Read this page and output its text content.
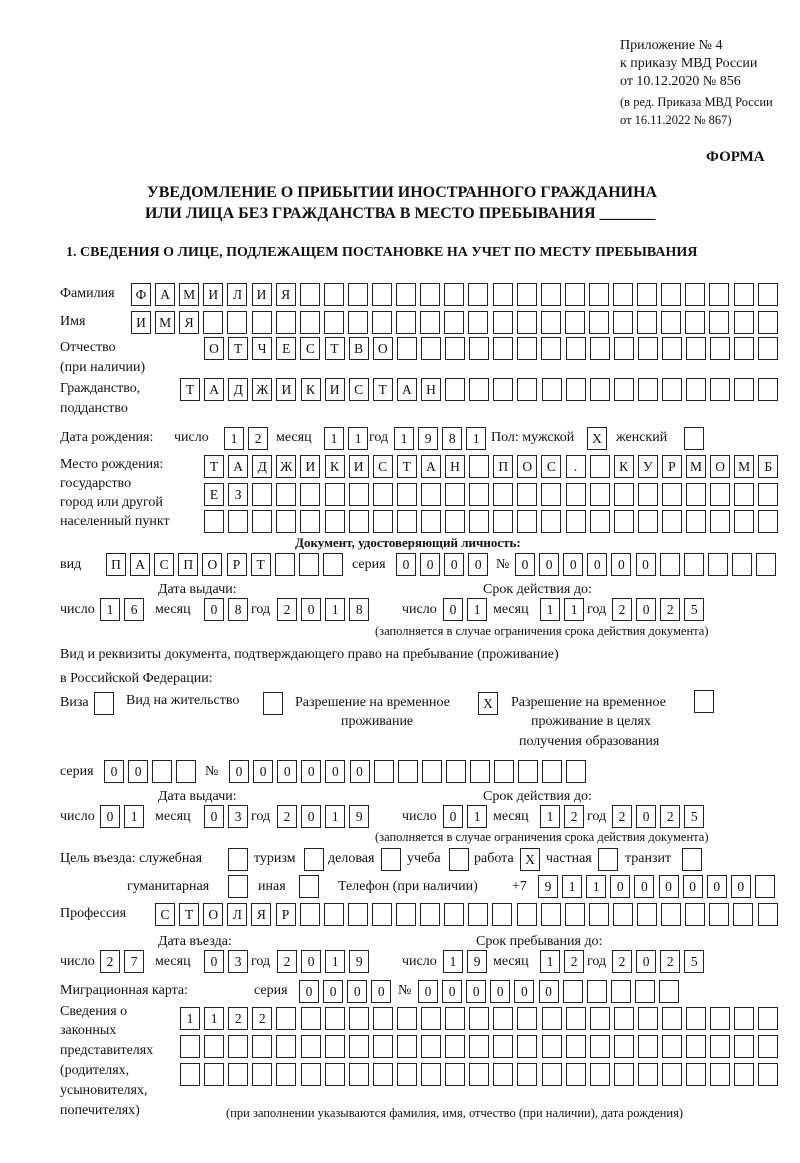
Приложение № 4
к приказу МВД России
от 10.12.2020 № 856
(в ред. Приказа МВД России
от 16.11.2022 № 867)
ФОРМА
УВЕДОМЛЕНИЕ О ПРИБЫТИИ ИНОСТРАННОГО ГРАЖДАНИНА
ИЛИ ЛИЦА БЕЗ ГРАЖДАНСТВА В МЕСТО ПРЕБЫВАНИЯ _______
1. СВЕДЕНИЯ О ЛИЦЕ, ПОДЛЕЖАЩЕМ ПОСТАНОВКЕ НА УЧЕТ ПО МЕСТУ ПРЕБЫВАНИЯ
Фамилия	Ф	А М И	Л	И	Я
Имя	И М	Я
Отчество
(при наличии)
О	Т	Ч	Е	С	Т	В	О
Гражданство,
подданство
Т	А	Д Ж И	К	И	С	Т	А	Н
Дата рождения: число	1	2	месяц	1	1 год 1	9	8	1 Пол: мужской	X	женский
Место рождения:
государство
город или другой
населенный пункт
Т	А	Д Ж И	К	И	С	Т	А	Н	П	О	С	.	К	У	Р	М О М	Б
Е	З
Документ, удостоверяющий личность:
вид	П	А	С	П	О	Р	Т	серия	0	0	0	0	№ 0	0	0	0	0	0
Дата выдачи:	Срок действия до:
число 1	6	месяц	0	8 год	2	0	1	8	число 0	1 месяц	1	1 год 2	0	2	5
(заполняется в случае ограничения срока действия документа)
Вид и реквизиты документа, подтверждающего право на пребывание (проживание)
в Российской Федерации:
Виза	Вид на жительство	Разрешение на временное
проживание
X	Разрешение на временное
проживание в целях
получения образования
серия	0	0	№	0	0	0	0	0	0
Дата выдачи:	Срок действия до:
число 0	1	месяц	0	3 год	2	0	1	9	число 0	1 месяц	1	2 год 2	0	2	5
(заполняется в случае ограничения срока действия документа)
Цель въезда: служебная	туризм деловая учеба работа X частная транзит
гуманитарная	иная	Телефон (при наличии) +7	9	1	1	0	0	0	0	0	0
Профессия	С	Т	О	Л	Я	Р
Дата въезда:	Срок пребывания до:
число 2	7	месяц	0	3 год	2	0	1	9	число 1	9 месяц	1	2 год 2	0	2	5
Миграционная карта:	серия	0	0	0	0 № 0	0	0	0	0	0
Сведения о
законных
представителях
(родителях,
усыновителях,
попечителях)
1	1	2	2
(при заполнении указываются фамилия, имя, отчество (при наличии), дата рождения)
